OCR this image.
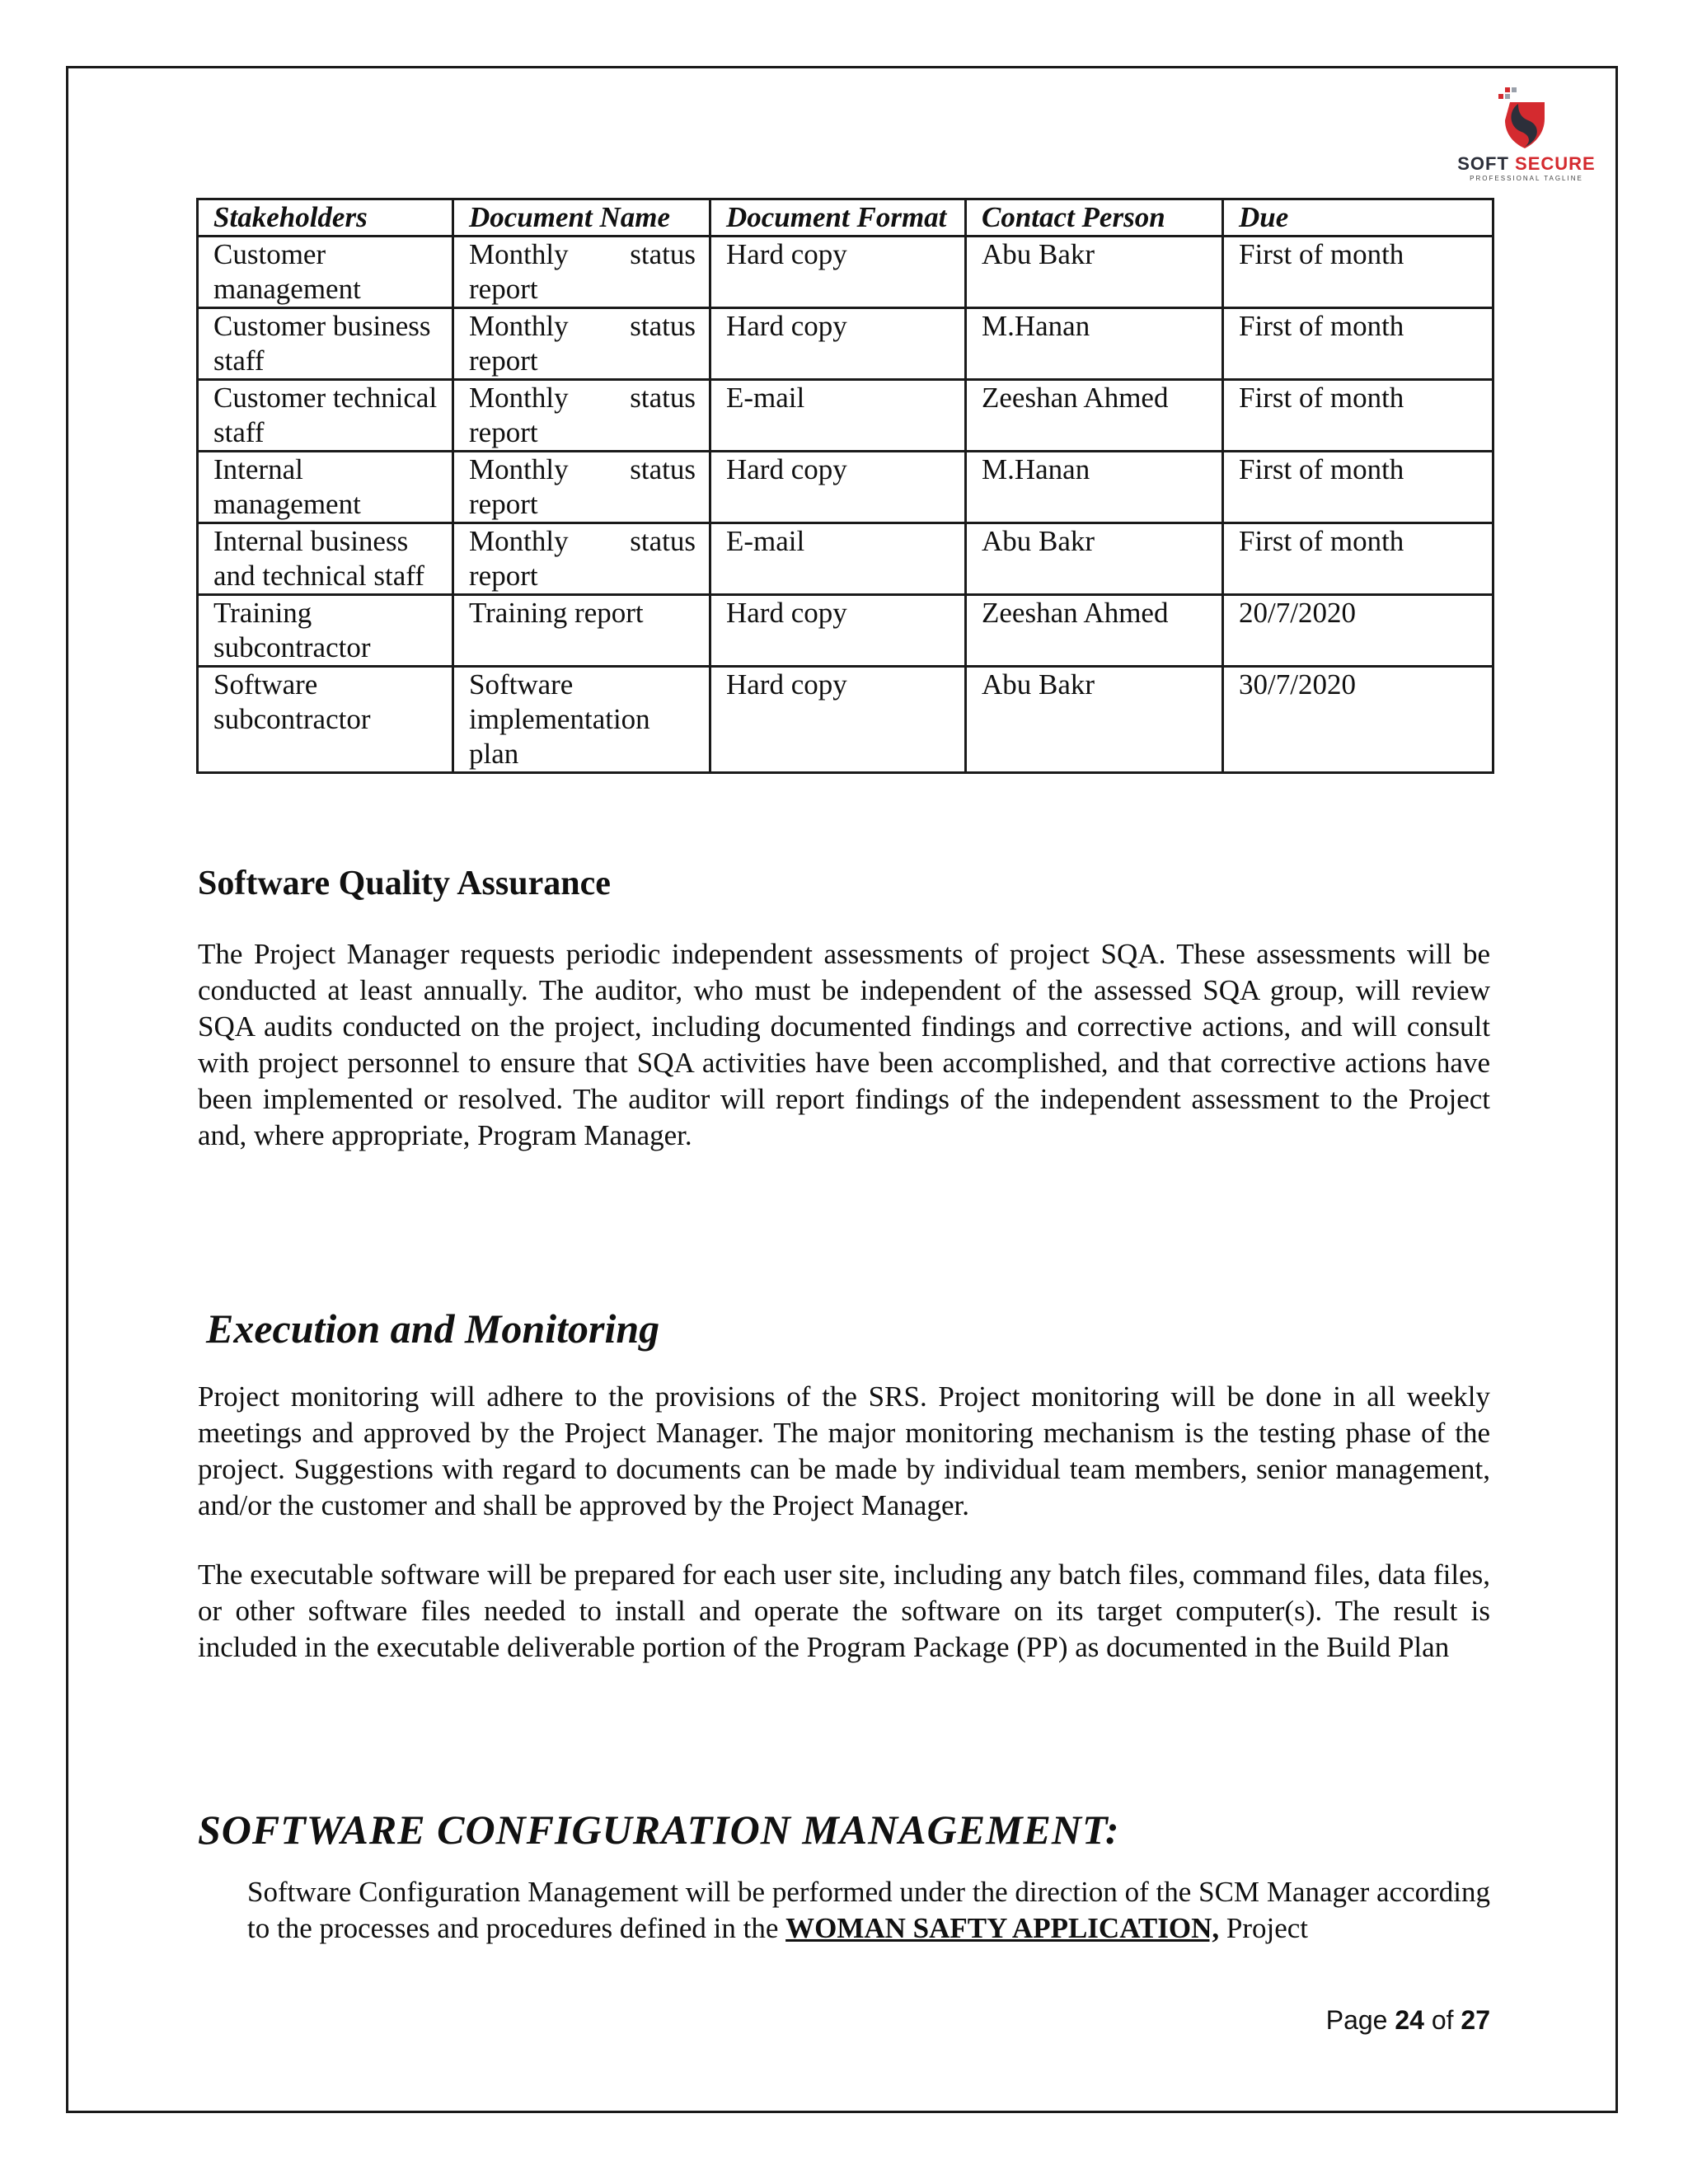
SOFT SECURE
PROFESSIONAL TAGLINE
Stakeholders	Document Name	Document Format	Contact Person	Due
Customer management	Monthly status report	Hard copy	Abu Bakr	First of month
Customer business staff	Monthly status report	Hard copy	M.Hanan	First of month
Customer technical staff	Monthly status report	E-mail	Zeeshan Ahmed	First of month
Internal management	Monthly status report	Hard copy	M.Hanan	First of month
Internal business and technical staff	Monthly status report	E-mail	Abu Bakr	First of month
Training subcontractor	Training report	Hard copy	Zeeshan Ahmed	20/7/2020
Software subcontractor	Software implementation plan	Hard copy	Abu Bakr	30/7/2020
Software Quality Assurance

The Project Manager requests periodic independent assessments of project SQA. These assessments will be conducted at least annually. The auditor, who must be independent of the assessed SQA group, will review SQA audits conducted on the project, including documented findings and corrective actions, and will consult with project personnel to ensure that SQA activities have been accomplished, and that corrective actions have been implemented or resolved. The auditor will report findings of the independent assessment to the Project and, where appropriate, Program Manager.

Execution and Monitoring

Project monitoring will adhere to the provisions of the SRS. Project monitoring will be done in all weekly meetings and approved by the Project Manager. The major monitoring mechanism is the testing phase of the project. Suggestions with regard to documents can be made by individual team members, senior management, and/or the customer and shall be approved by the Project Manager.

The executable software will be prepared for each user site, including any batch files, command files, data files, or other software files needed to install and operate the software on its target computer(s). The result is included in the executable deliverable portion of the Program Package (PP) as documented in the Build Plan

SOFTWARE CONFIGURATION MANAGEMENT:

Software Configuration Management will be performed under the direction of the SCM Manager according to the processes and procedures defined in the WOMAN SAFTY APPLICATION, Project

Page 24 of 27
